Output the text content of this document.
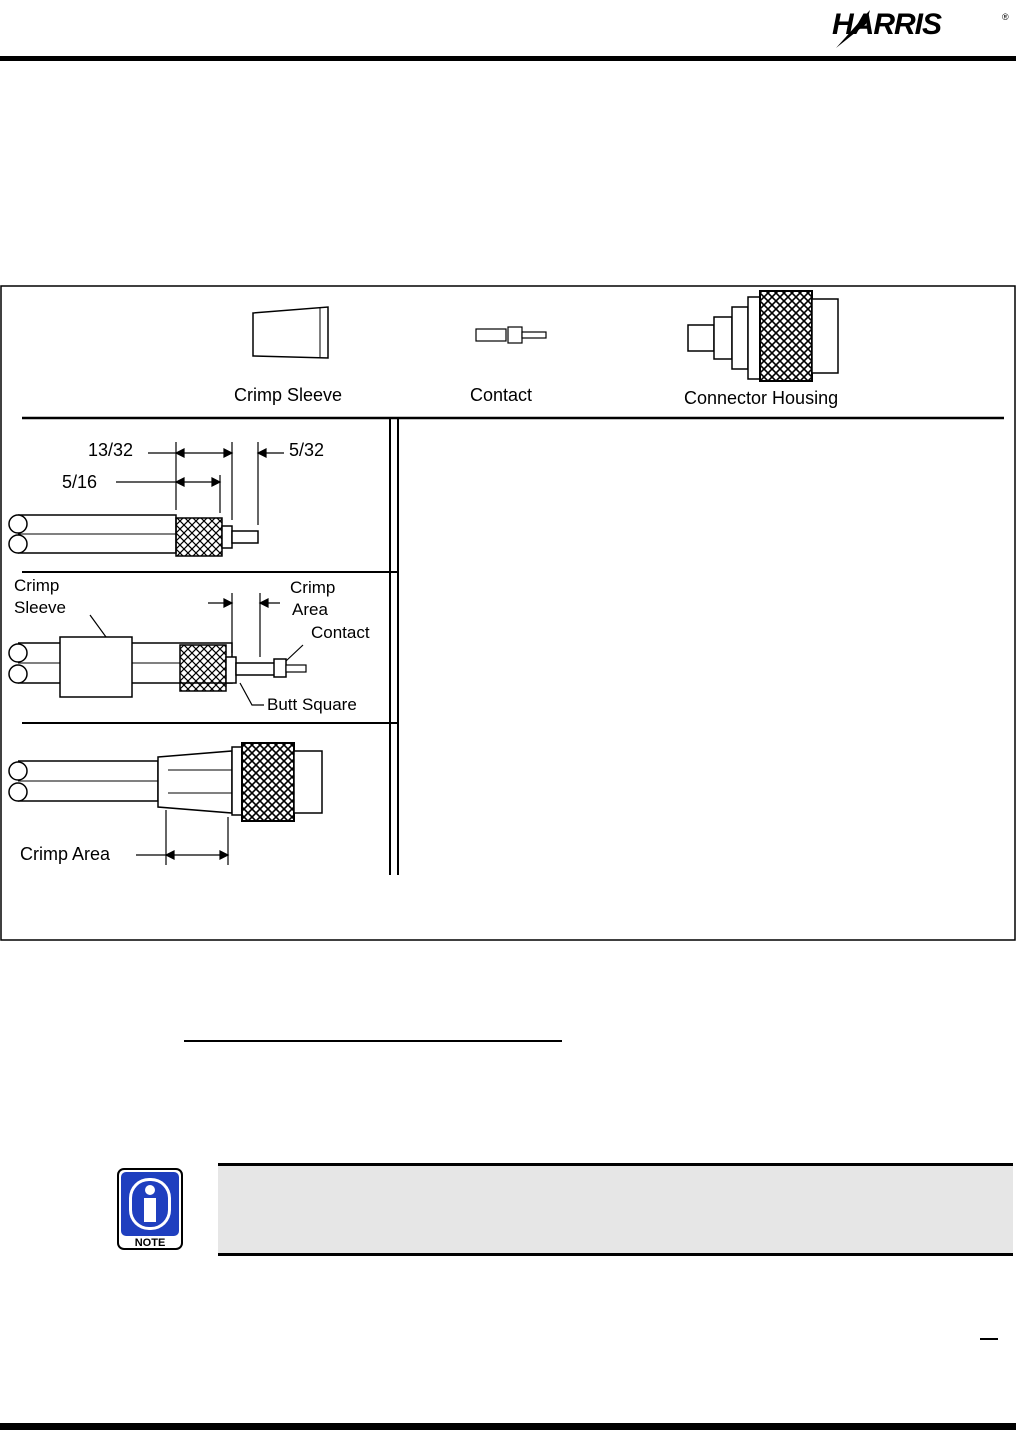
HARRIS	®
Crimp Sleeve	Contact	Connector Housing
13/32	5/32
5/16
Crimp
Sleeve
Crimp
Area
Contact
Butt Square
Crimp Area
NOTE
